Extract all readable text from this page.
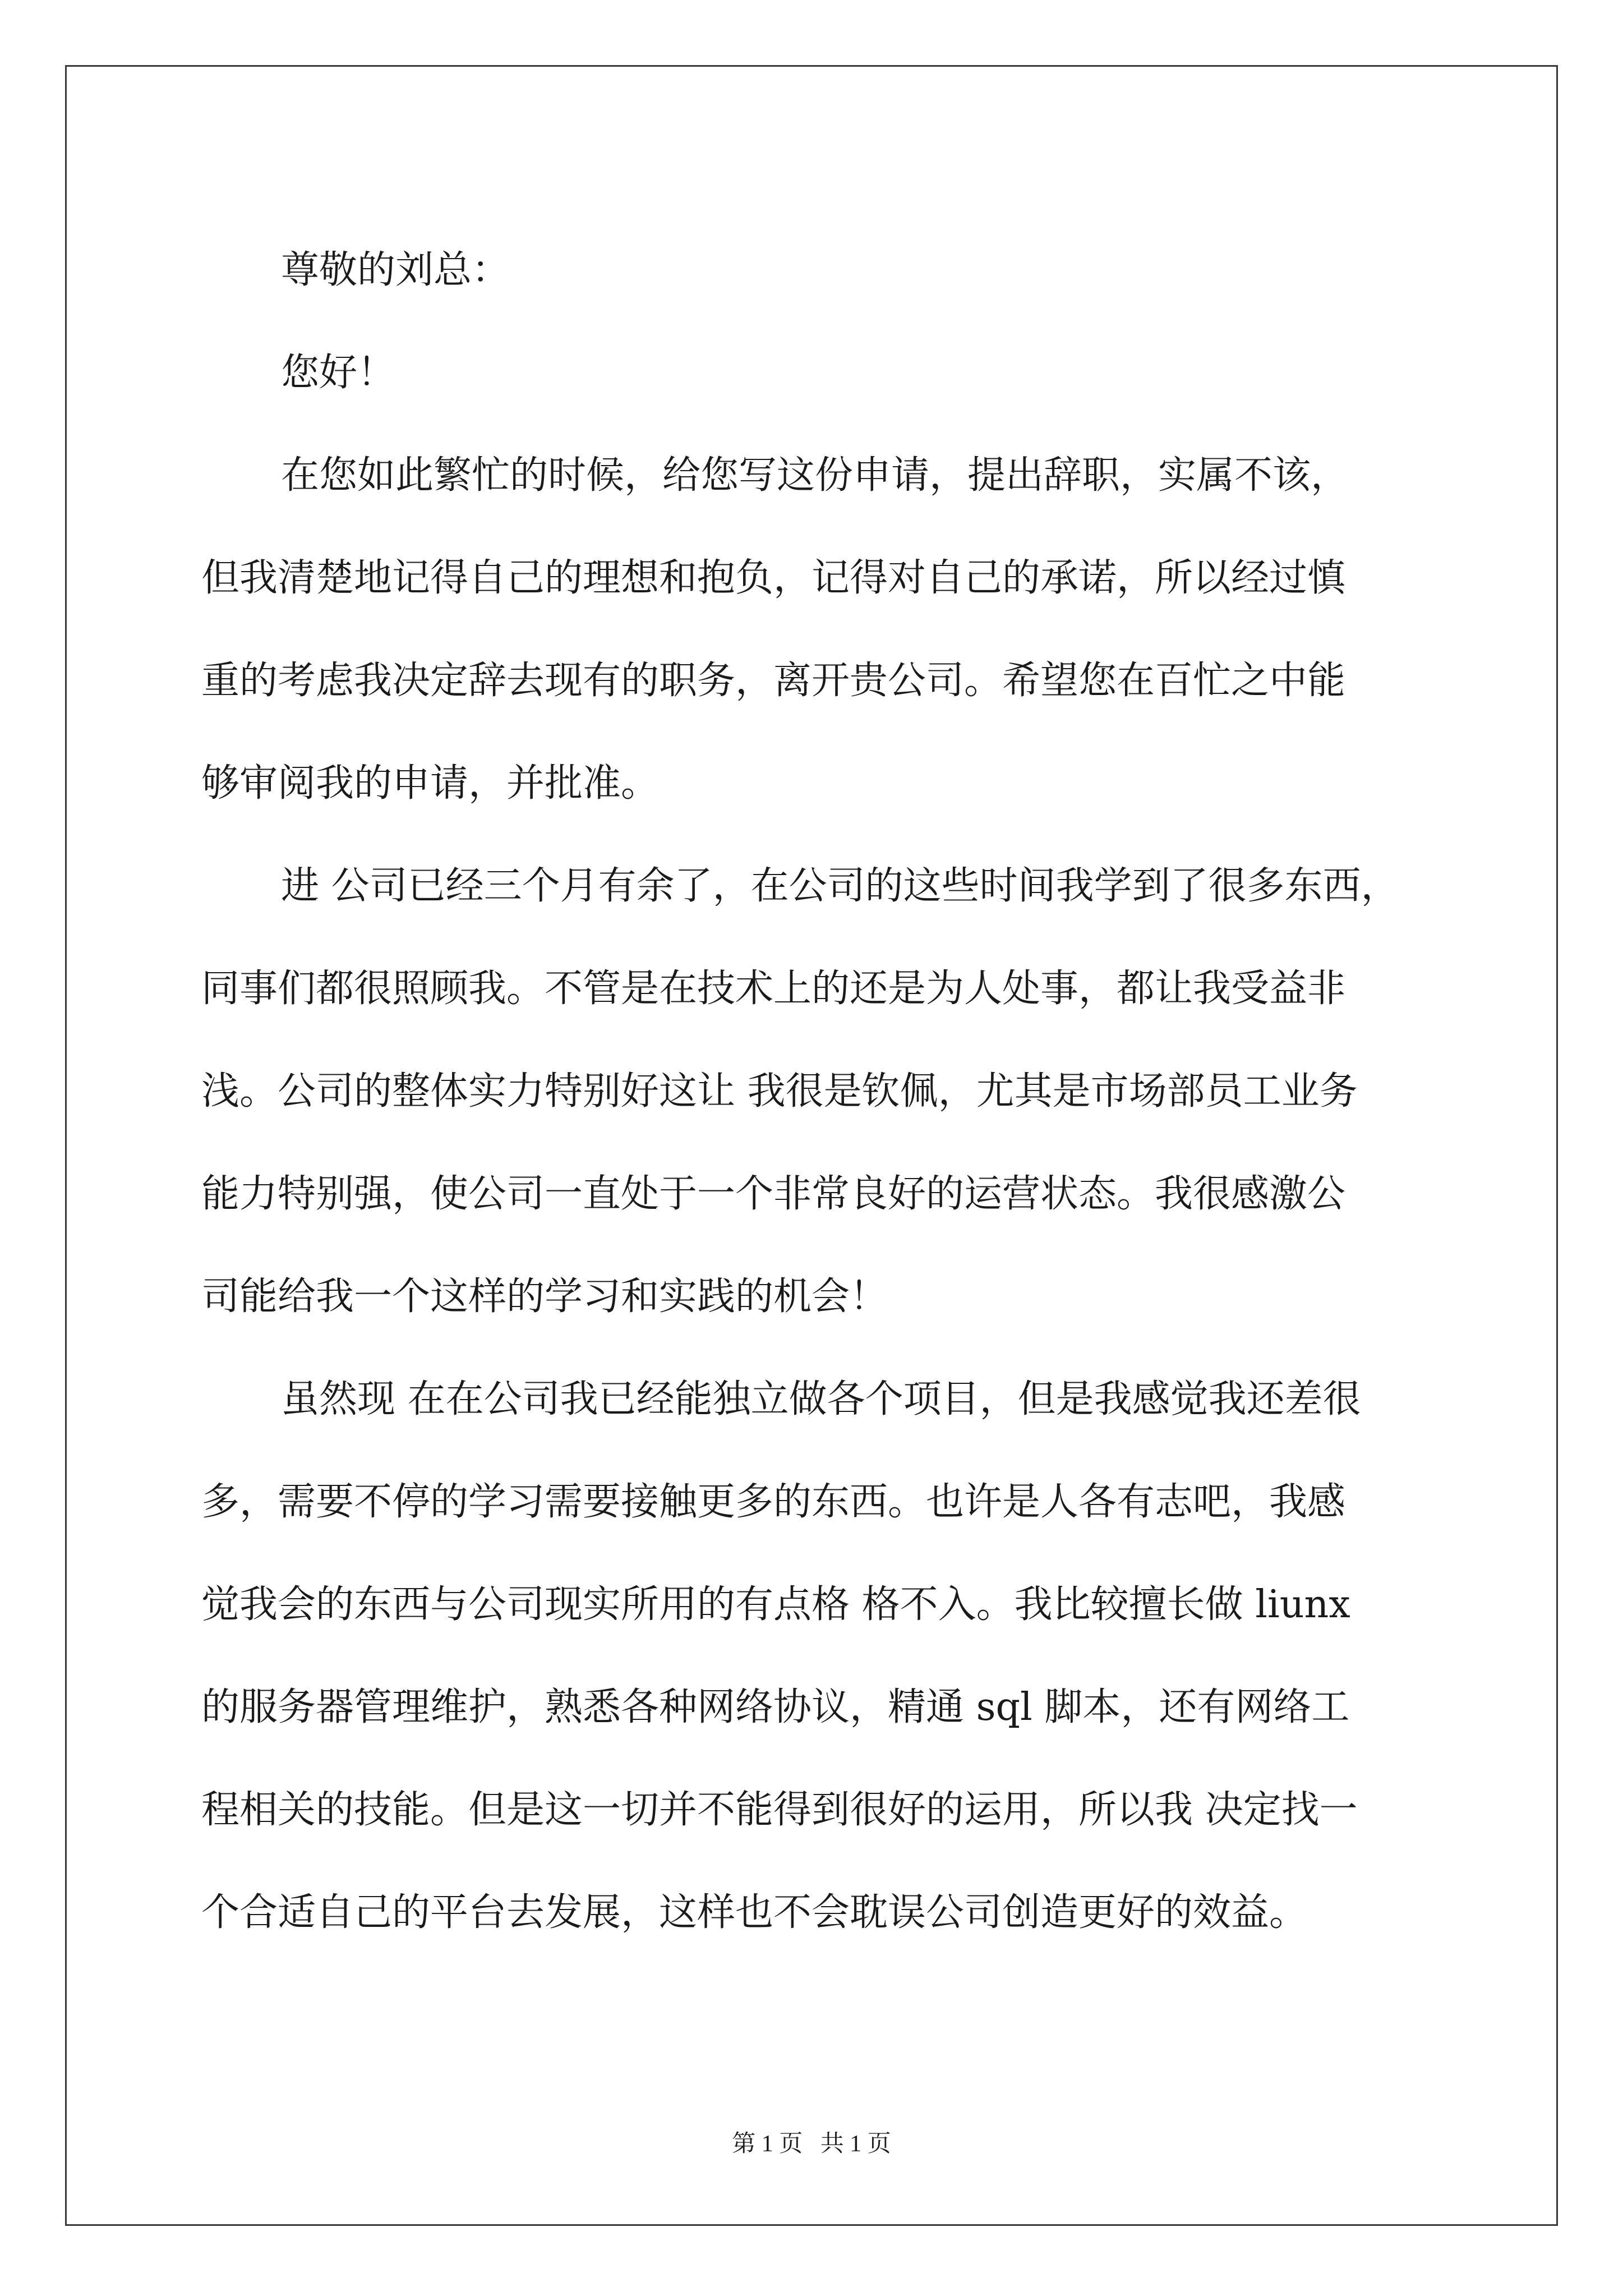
尊敬的刘总：

您好！

在您如此繁忙的时候，给您写这份申请，提出辞职，实属不该，

但我清楚地记得自己的理想和抱负，记得对自己的承诺，所以经过慎

重的考虑我决定辞去现有的职务，离开贵公司。希望您在百忙之中能

够审阅我的申请，并批准。

进 公司已经三个月有余了，在公司的这些时间我学到了很多东西，

同事们都很照顾我。不管是在技术上的还是为人处事，都让我受益非

浅。公司的整体实力特别好这让 我很是钦佩，尤其是市场部员工业务

能力特别强，使公司一直处于一个非常良好的运营状态。我很感激公

司能给我一个这样的学习和实践的机会！

虽然现 在在公司我已经能独立做各个项目，但是我感觉我还差很

多，需要不停的学习需要接触更多的东西。也许是人各有志吧，我感

觉我会的东西与公司现实所用的有点格 格不入。我比较擅长做 liunx

的服务器管理维护，熟悉各种网络协议，精通 sql 脚本，还有网络工

程相关的技能。但是这一切并不能得到很好的运用，所以我 决定找一

个合适自己的平台去发展，这样也不会耽误公司创造更好的效益。

第 1 页   共 1 页
